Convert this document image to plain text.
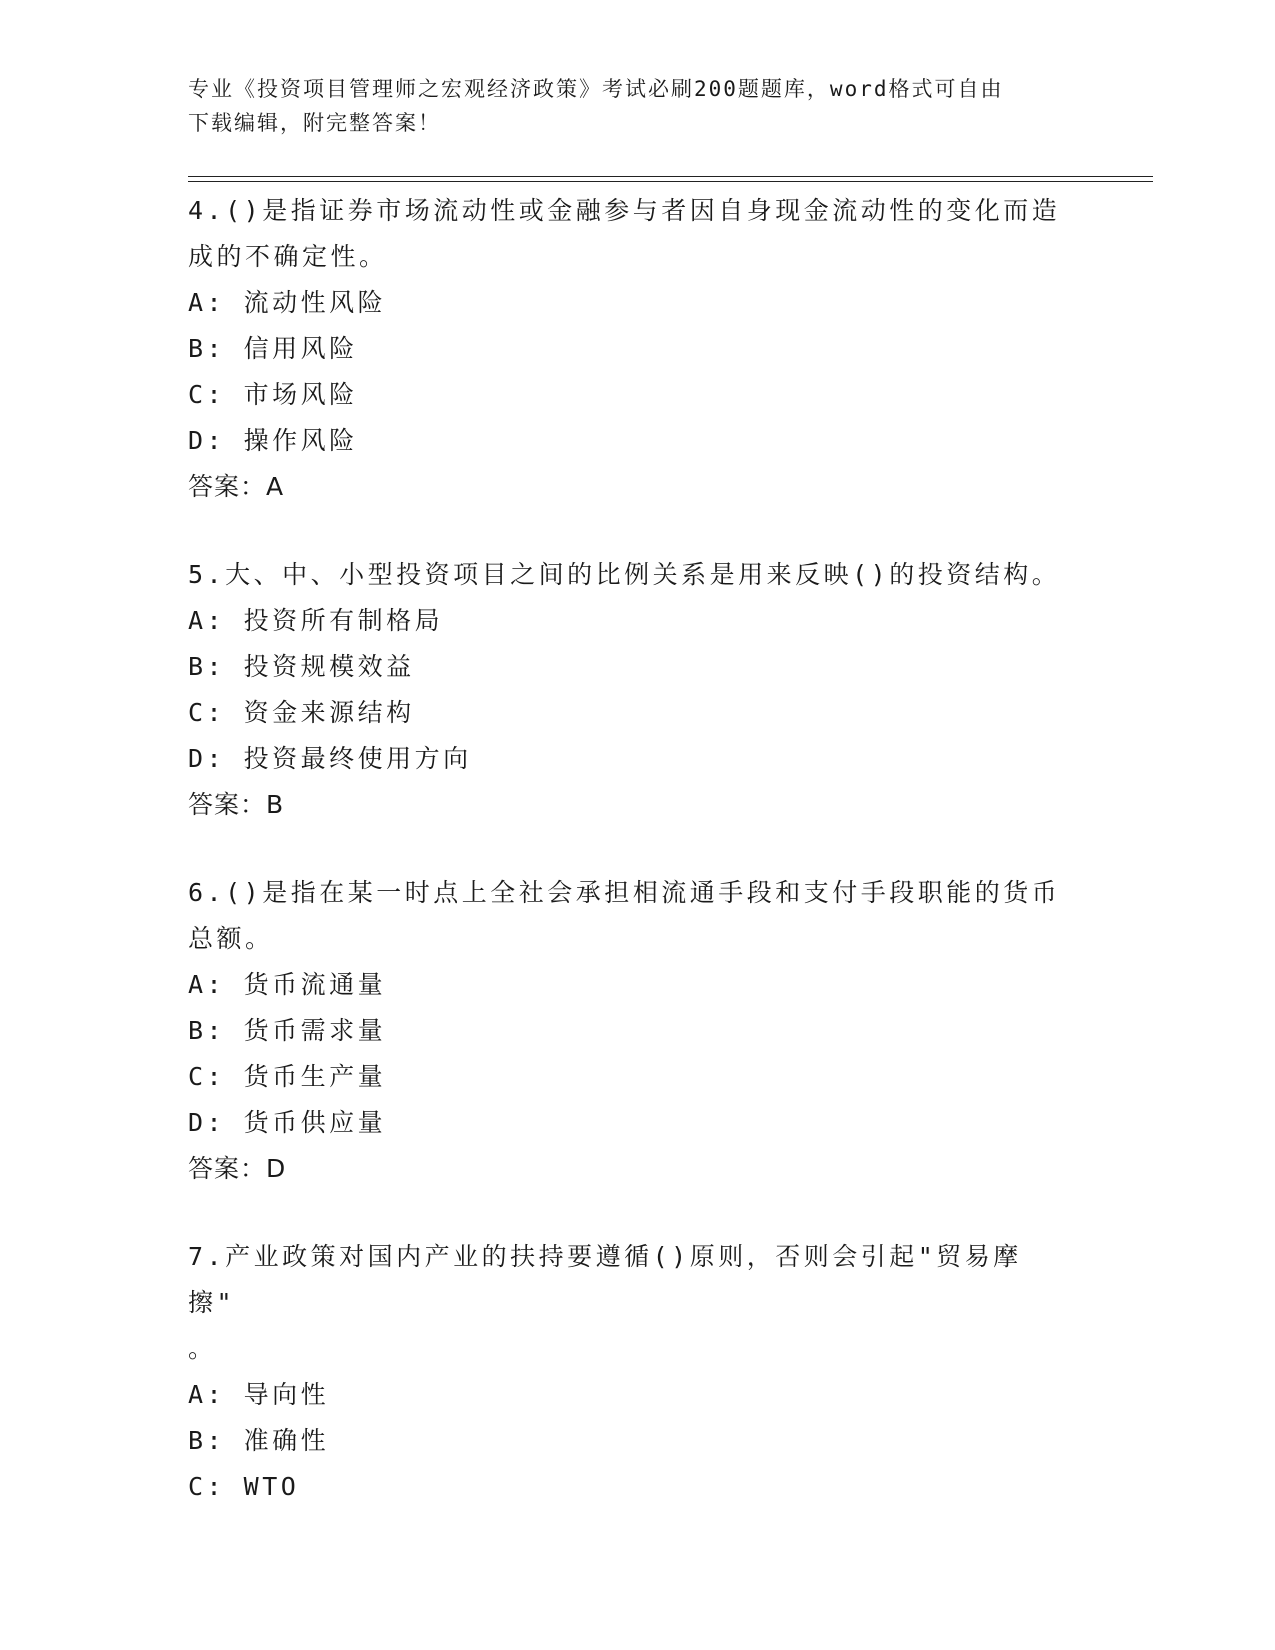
专业《投资项目管理师之宏观经济政策》考试必刷200题题库，word格式可自由
下载编辑，附完整答案！

4.()是指证券市场流动性或金融参与者因自身现金流动性的变化而造

成的不确定性。

A: 流动性风险

B: 信用风险

C: 市场风险

D: 操作风险

答案：A

5.大、中、小型投资项目之间的比例关系是用来反映()的投资结构。

A: 投资所有制格局

B: 投资规模效益

C: 资金来源结构

D: 投资最终使用方向

答案：B

6.()是指在某一时点上全社会承担相流通手段和支付手段职能的货币

总额。

A: 货币流通量

B: 货币需求量

C: 货币生产量

D: 货币供应量

答案：D

7.产业政策对国内产业的扶持要遵循()原则，否则会引起"贸易摩擦"

。

A: 导向性

B: 准确性

C: WTO
